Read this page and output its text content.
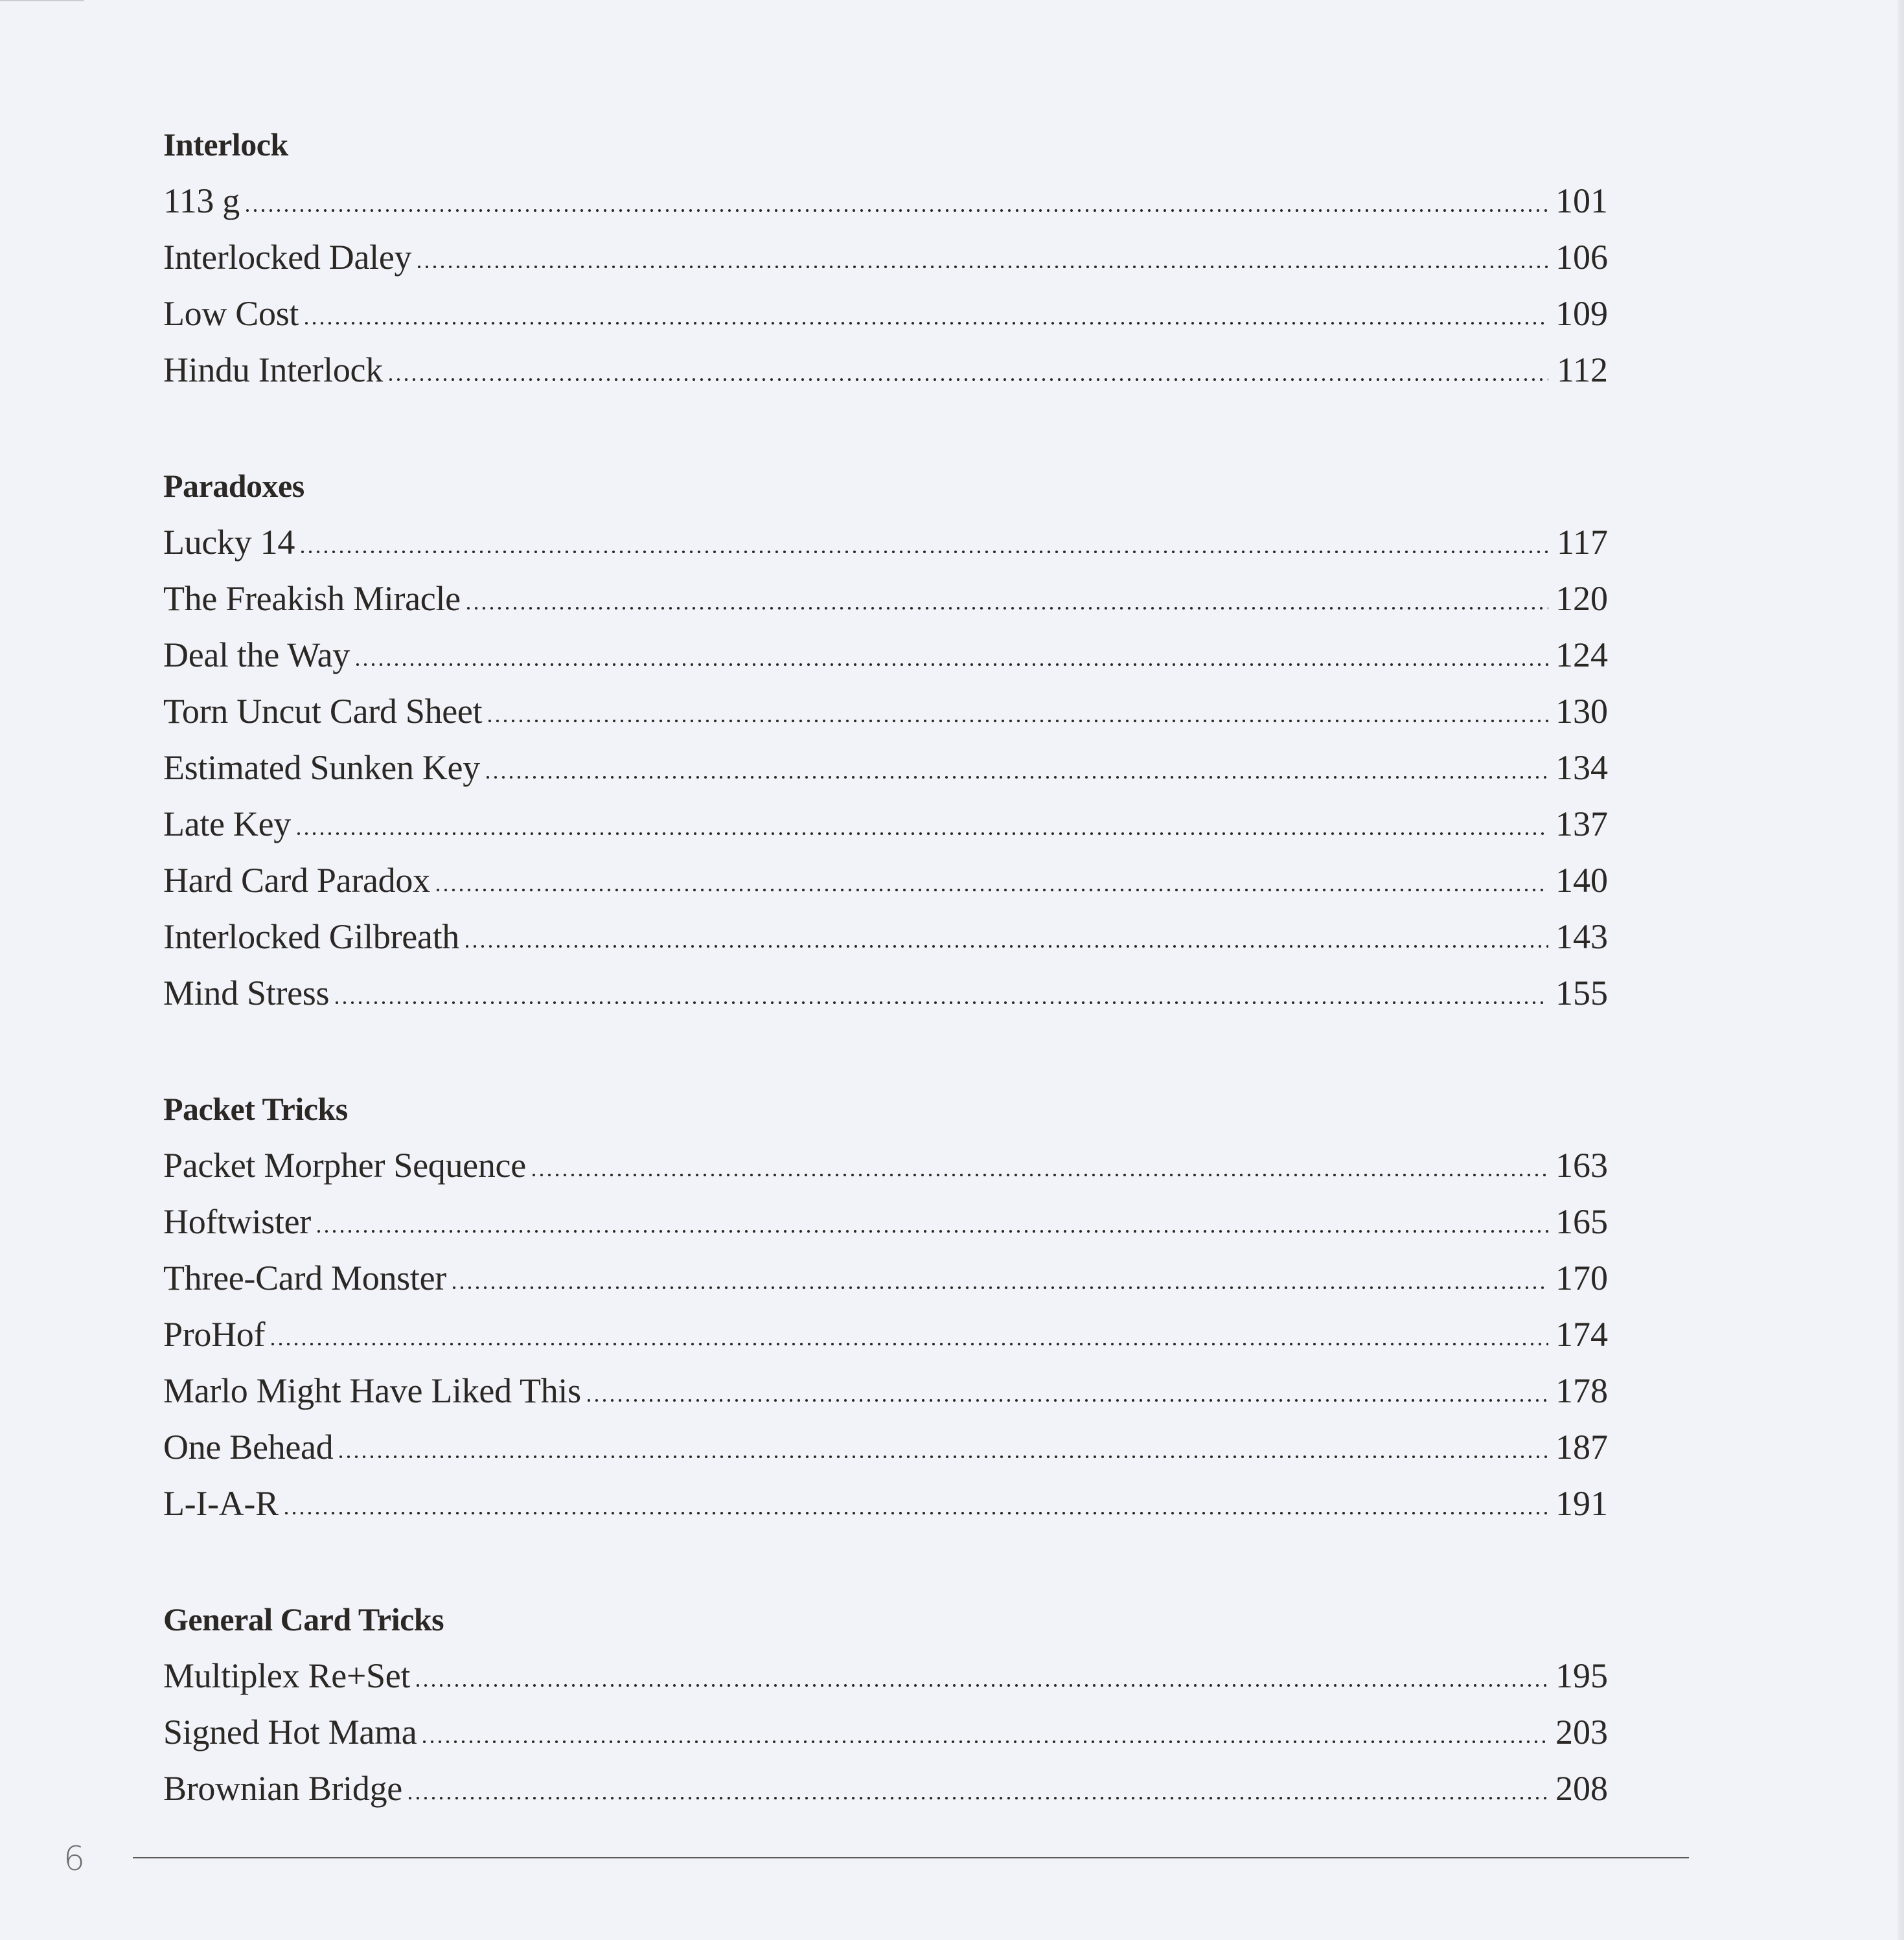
Interlock
113 g	101
Interlocked Daley	106
Low Cost	109
Hindu Interlock	112
Paradoxes
Lucky 14	117
The Freakish Miracle	120
Deal the Way	124
Torn Uncut Card Sheet	130
Estimated Sunken Key	134
Late Key	137
Hard Card Paradox	140
Interlocked Gilbreath	143
Mind Stress	155
Packet Tricks
Packet Morpher Sequence	163
Hoftwister	165
Three-Card Monster	170
ProHof	174
Marlo Might Have Liked This	178
One Behead	187
L-I-A-R	191
General Card Tricks
Multiplex Re+Set	195
Signed Hot Mama	203
Brownian Bridge	208
6
